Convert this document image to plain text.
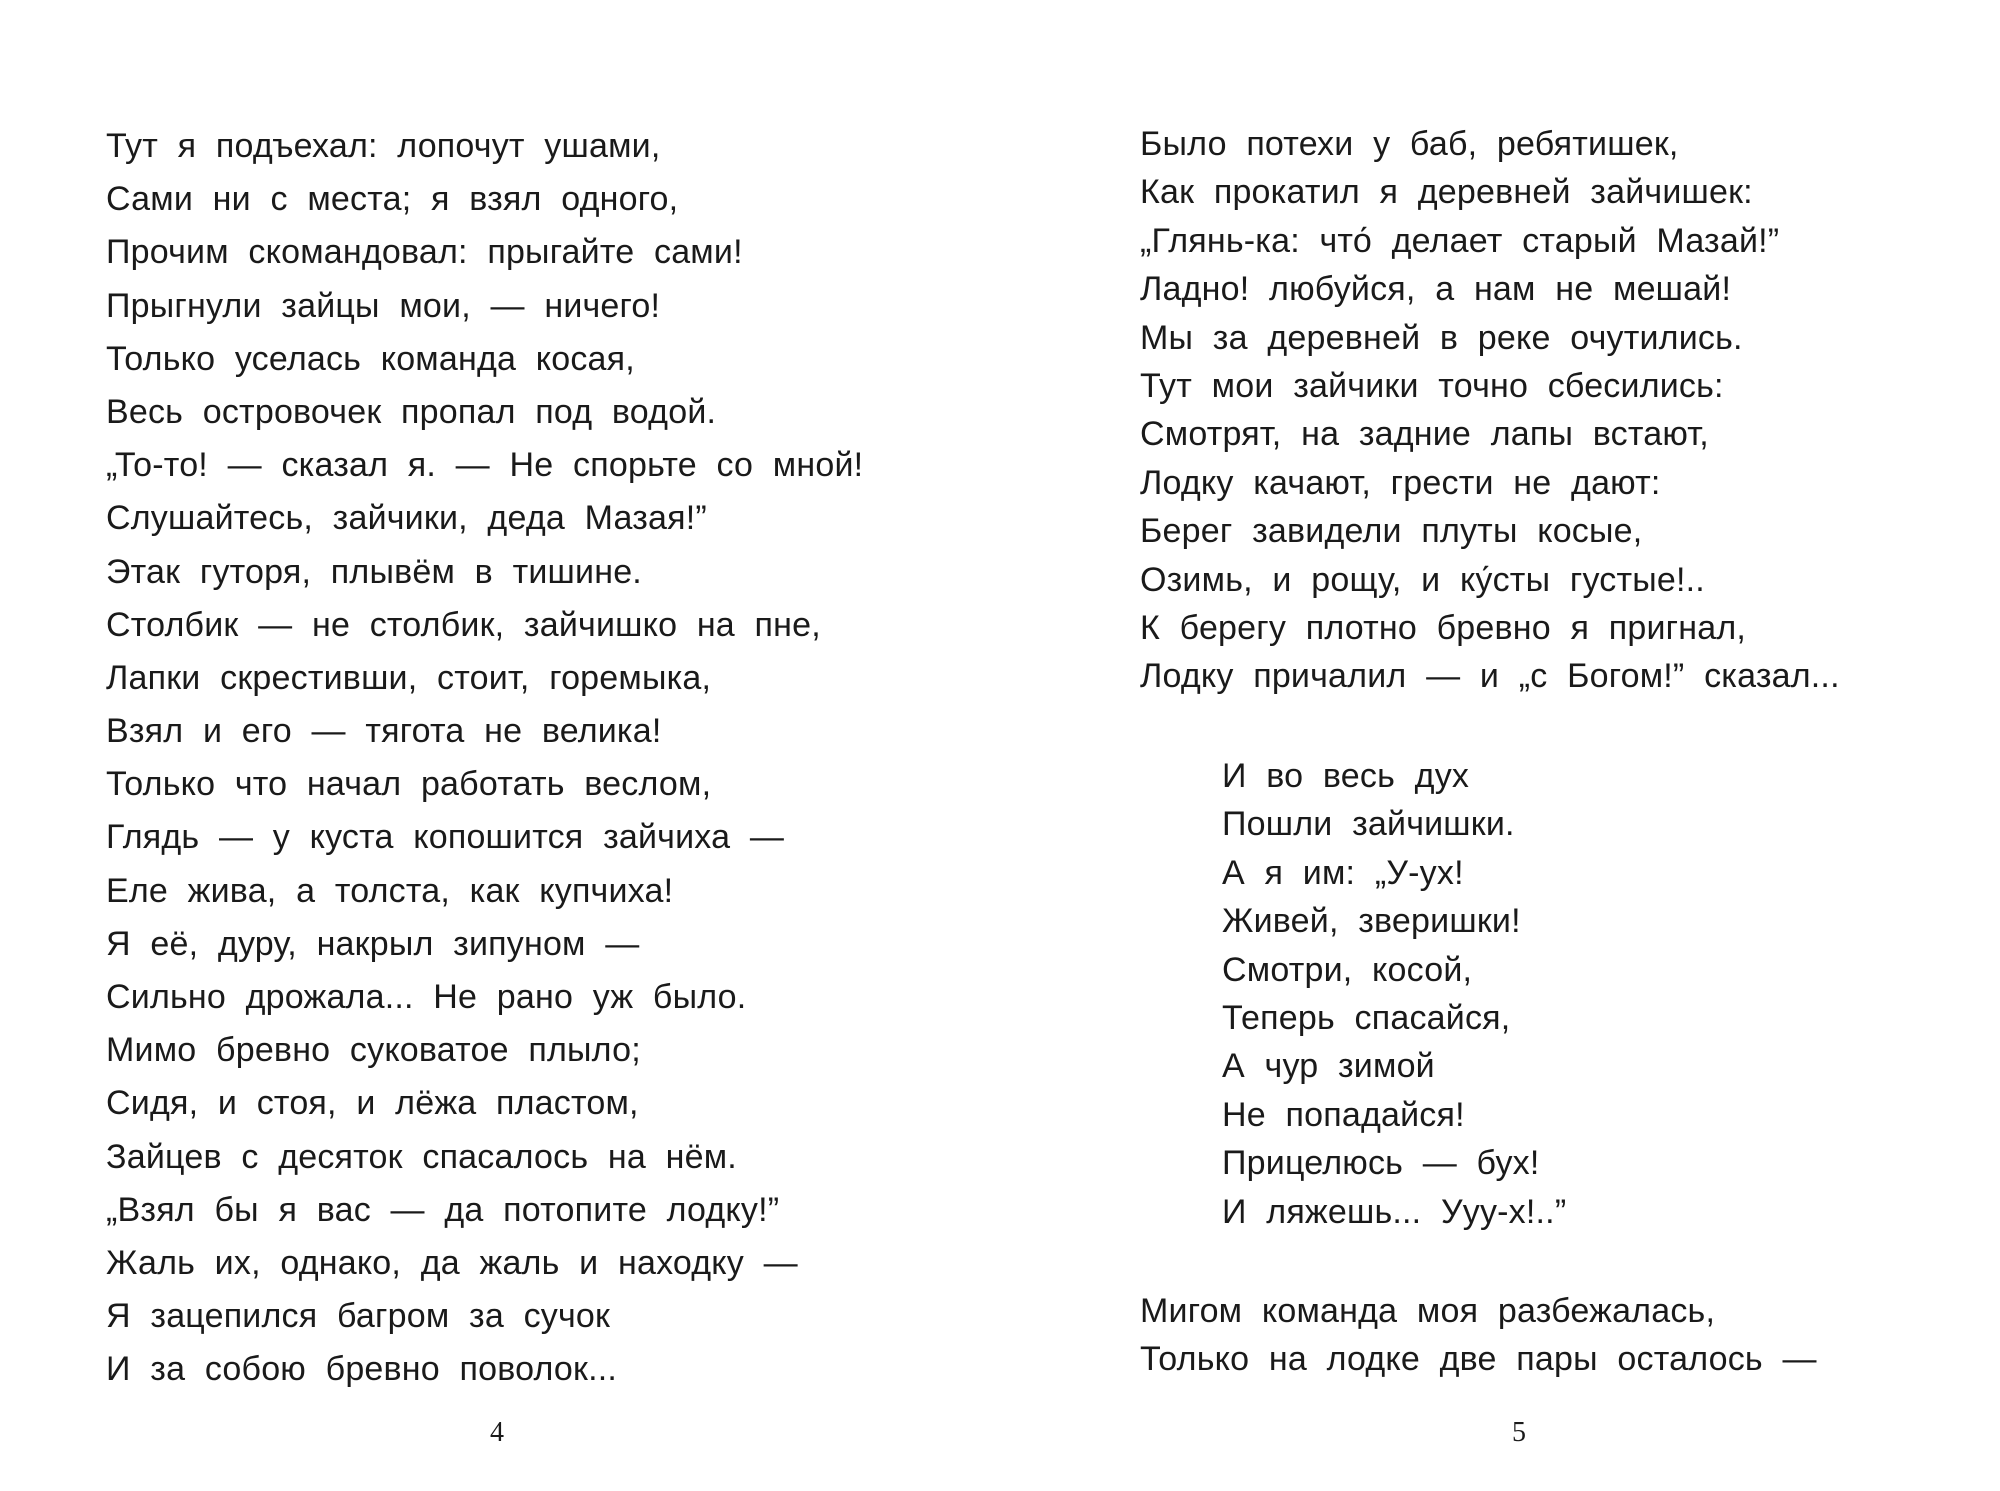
Тут я подъехал: лопочут ушами,
Сами ни с места; я взял одного,
Прочим скомандовал: прыгайте сами!
Прыгнули зайцы мои, — ничего!
Только уселась команда косая,
Весь островочек пропал под водой.
„То-то! — сказал я. — Не спорьте со мной!
Слушайтесь, зайчики, деда Мазая!”
Этак гуторя, плывём в тишине.
Столбик — не столбик, зайчишко на пне,
Лапки скрестивши, стоит, горемыка,
Взял и его — тягота не велика!
Только что начал работать веслом,
Глядь — у куста копошится зайчиха —
Еле жива, а толста, как купчиха!
Я её, дуру, накрыл зипуном —
Сильно дрожала... Не рано уж было.
Мимо бревно суковатое плыло;
Сидя, и стоя, и лёжа пластом,
Зайцев с десяток спасалось на нём.
„Взял бы я вас — да потопите лодку!”
Жаль их, однако, да жаль и находку —
Я зацепился багром за сучок
И за собою бревно поволок...
4
Было потехи у баб, ребятишек,
Как прокатил я деревней зайчишек:
„Глянь-ка: что́ делает старый Мазай!”
Ладно! любуйся, а нам не мешай!
Мы за деревней в реке очутились.
Тут мои зайчики точно сбесились:
Смотрят, на задние лапы встают,
Лодку качают, грести не дают:
Берег завидели плуты косые,
Озимь, и рощу, и ку́сты густые!..
К берегу плотно бревно я пригнал,
Лодку причалил — и „с Богом!” сказал...
И во весь дух
Пошли зайчишки.
А я им: „У-ух!
Живей, зверишки!
Смотри, косой,
Теперь спасайся,
А чур зимой
Не попадайся!
Прицелюсь — бух!
И ляжешь... Ууу-х!..”
Мигом команда моя разбежалась,
Только на лодке две пары осталось —
5
